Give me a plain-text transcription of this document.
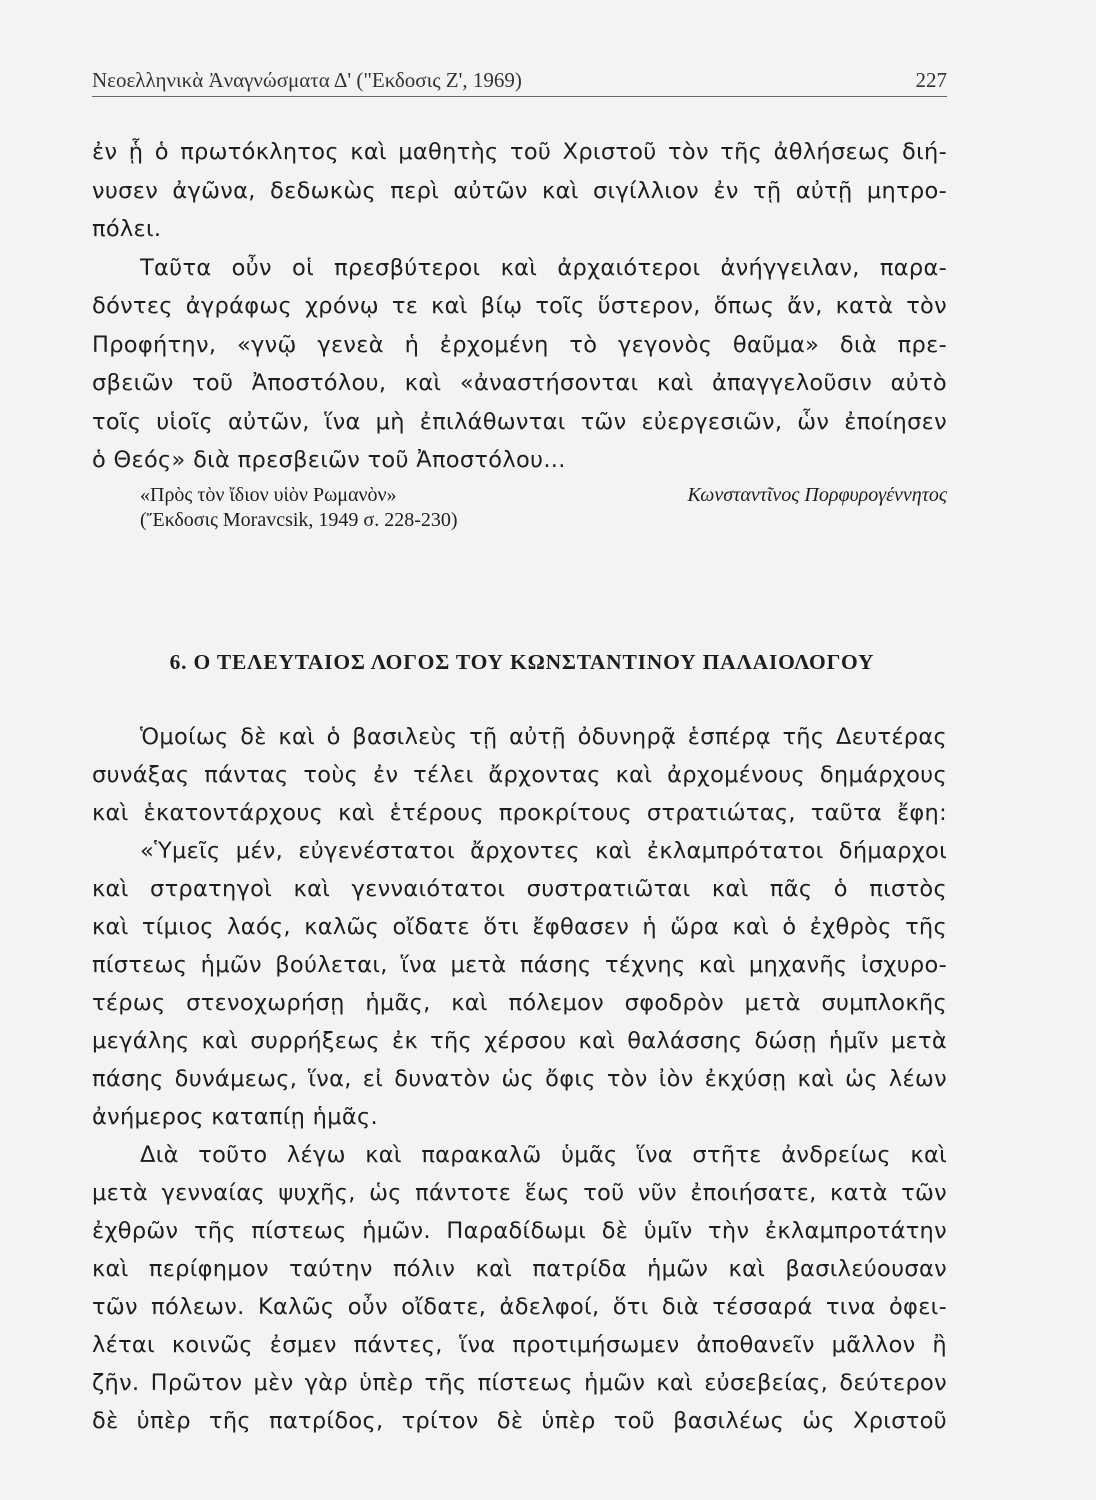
Νεοελληνικὰ Ἀναγνώσματα Δ' ("Εκδοσις Ζ', 1969)	227
ἐν ᾗ ὁ πρωτόκλητος καὶ μαθητὴς τοῦ Χριστοῦ τὸν τῆς ἀθλήσεως διή-
νυσεν ἀγῶνα, δεδωκὼς περὶ αὐτῶν καὶ σιγίλλιον ἐν τῇ αὐτῇ μητρο-
πόλει.
Ταῦτα οὖν οἱ πρεσβύτεροι καὶ ἀρχαιότεροι ἀνήγγειλαν, παρα-
δόντες ἀγράφως χρόνῳ τε καὶ βίῳ τοῖς ὕστερον, ὅπως ἄν, κατὰ τὸν
Προφήτην, «γνῷ γενεὰ ἡ ἐρχομένη τὸ γεγονὸς θαῦμα» διὰ πρε-
σβειῶν τοῦ Ἀποστόλου, καὶ «ἀναστήσονται καὶ ἀπαγγελοῦσιν αὐτὸ
τοῖς υἱοῖς αὐτῶν, ἵνα μὴ ἐπιλάθωνται τῶν εὐεργεσιῶν, ὧν ἐποίησεν
ὁ Θεός» διὰ πρεσβειῶν τοῦ Ἀποστόλου...
«Πρὸς τὸν ἴδιον υἱὸν Ρωμανὸν»	Κωνσταντῖνος Πορφυρογέννητος
(Ἔκδοσις Moravcsik, 1949 σ. 228-230)
6. Ο ΤΕΛΕΥΤΑΙΟΣ ΛΟΓΟΣ ΤΟΥ ΚΩΝΣΤΑΝΤΙΝΟΥ ΠΑΛΑΙΟΛΟΓΟΥ
Ὁμοίως δὲ καὶ ὁ βασιλεὺς τῇ αὐτῇ ὀδυνηρᾷ ἑσπέρᾳ τῆς Δευτέρας
συνάξας πάντας τοὺς ἐν τέλει ἄρχοντας καὶ ἀρχομένους δημάρχους
καὶ ἑκατοντάρχους καὶ ἑτέρους προκρίτους στρατιώτας, ταῦτα ἔφη:
«Ὑμεῖς μέν, εὐγενέστατοι ἄρχοντες καὶ ἐκλαμπρότατοι δήμαρχοι
καὶ στρατηγοὶ καὶ γενναιότατοι συστρατιῶται καὶ πᾶς ὁ πιστὸς
καὶ τίμιος λαός, καλῶς οἴδατε ὅτι ἔφθασεν ἡ ὥρα καὶ ὁ ἐχθρὸς τῆς
πίστεως ἡμῶν βούλεται, ἵνα μετὰ πάσης τέχνης καὶ μηχανῆς ἰσχυρο-
τέρως στενοχωρήσῃ ἡμᾶς, καὶ πόλεμον σφοδρὸν μετὰ συμπλοκῆς
μεγάλης καὶ συρρήξεως ἐκ τῆς χέρσου καὶ θαλάσσης δώσῃ ἡμῖν μετὰ
πάσης δυνάμεως, ἵνα, εἰ δυνατὸν ὡς ὄφις τὸν ἰὸν ἐκχύσῃ καὶ ὡς λέων
ἀνήμερος καταπίῃ ἡμᾶς.
Διὰ τοῦτο λέγω καὶ παρακαλῶ ὑμᾶς ἵνα στῆτε ἀνδρείως καὶ
μετὰ γενναίας ψυχῆς, ὡς πάντοτε ἕως τοῦ νῦν ἐποιήσατε, κατὰ τῶν
ἐχθρῶν τῆς πίστεως ἡμῶν. Παραδίδωμι δὲ ὑμῖν τὴν ἐκλαμπροτάτην
καὶ περίφημον ταύτην πόλιν καὶ πατρίδα ἡμῶν καὶ βασιλεύουσαν
τῶν πόλεων. Καλῶς οὖν οἴδατε, ἀδελφοί, ὅτι διὰ τέσσαρά τινα ὀφει-
λέται κοινῶς ἐσμεν πάντες, ἵνα προτιμήσωμεν ἀποθανεῖν μᾶλλον ἢ
ζῆν. Πρῶτον μὲν γὰρ ὑπὲρ τῆς πίστεως ἡμῶν καὶ εὐσεβείας, δεύτερον
δὲ ὑπὲρ τῆς πατρίδος, τρίτον δὲ ὑπὲρ τοῦ βασιλέως ὡς Χριστοῦ
